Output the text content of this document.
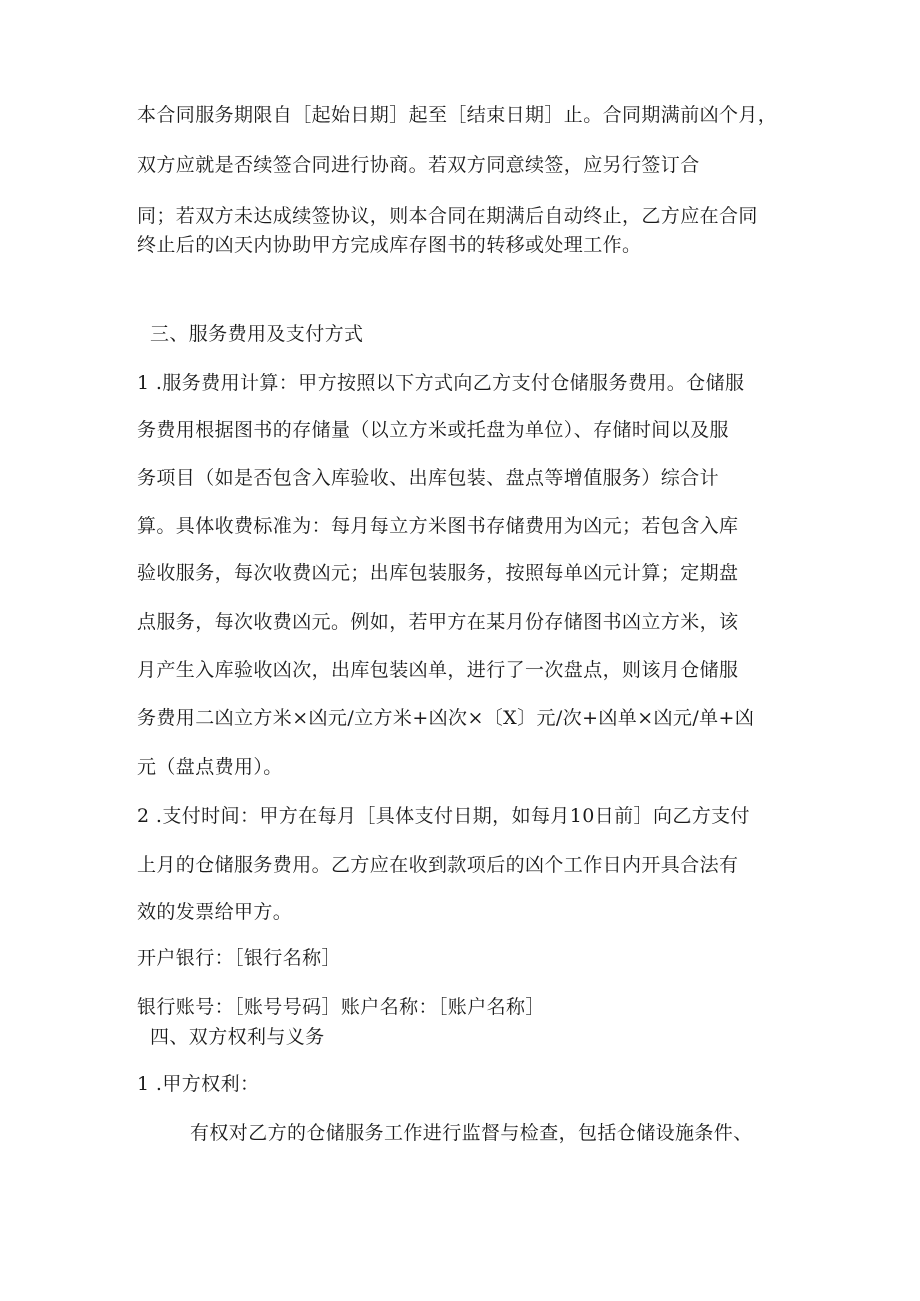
本合同服务期限自［起始日期］起至［结束日期］止。合同期满前凶个月，
双方应就是否续签合同进行协商。若双方同意续签，应另行签订合
同；若双方未达成续签协议，则本合同在期满后自动终止，乙方应在合同
终止后的凶天内协助甲方完成库存图书的转移或处理工作。
三、服务费用及支付方式
1 .服务费用计算：甲方按照以下方式向乙方支付仓储服务费用。仓储服
务费用根据图书的存储量（以立方米或托盘为单位）、存储时间以及服
务项目（如是否包含入库验收、出库包装、盘点等增值服务）综合计
算。具体收费标准为：每月每立方米图书存储费用为凶元；若包含入库
验收服务，每次收费凶元；出库包装服务，按照每单凶元计算；定期盘
点服务，每次收费凶元。例如，若甲方在某月份存储图书凶立方米，该
月产生入库验收凶次，出库包装凶单，进行了一次盘点，则该月仓储服
务费用二凶立方米×凶元/立方米+凶次×〔X〕元/次+凶单×凶元/单+凶
元（盘点费用）。
2 .支付时间：甲方在每月［具体支付日期，如每月10日前］向乙方支付
上月的仓储服务费用。乙方应在收到款项后的凶个工作日内开具合法有
效的发票给甲方。
开户银行：［银行名称］
银行账号：［账号号码］账户名称：［账户名称］
四、双方权利与义务
1 .甲方权利：
有权对乙方的仓储服务工作进行监督与检查，包括仓储设施条件、
